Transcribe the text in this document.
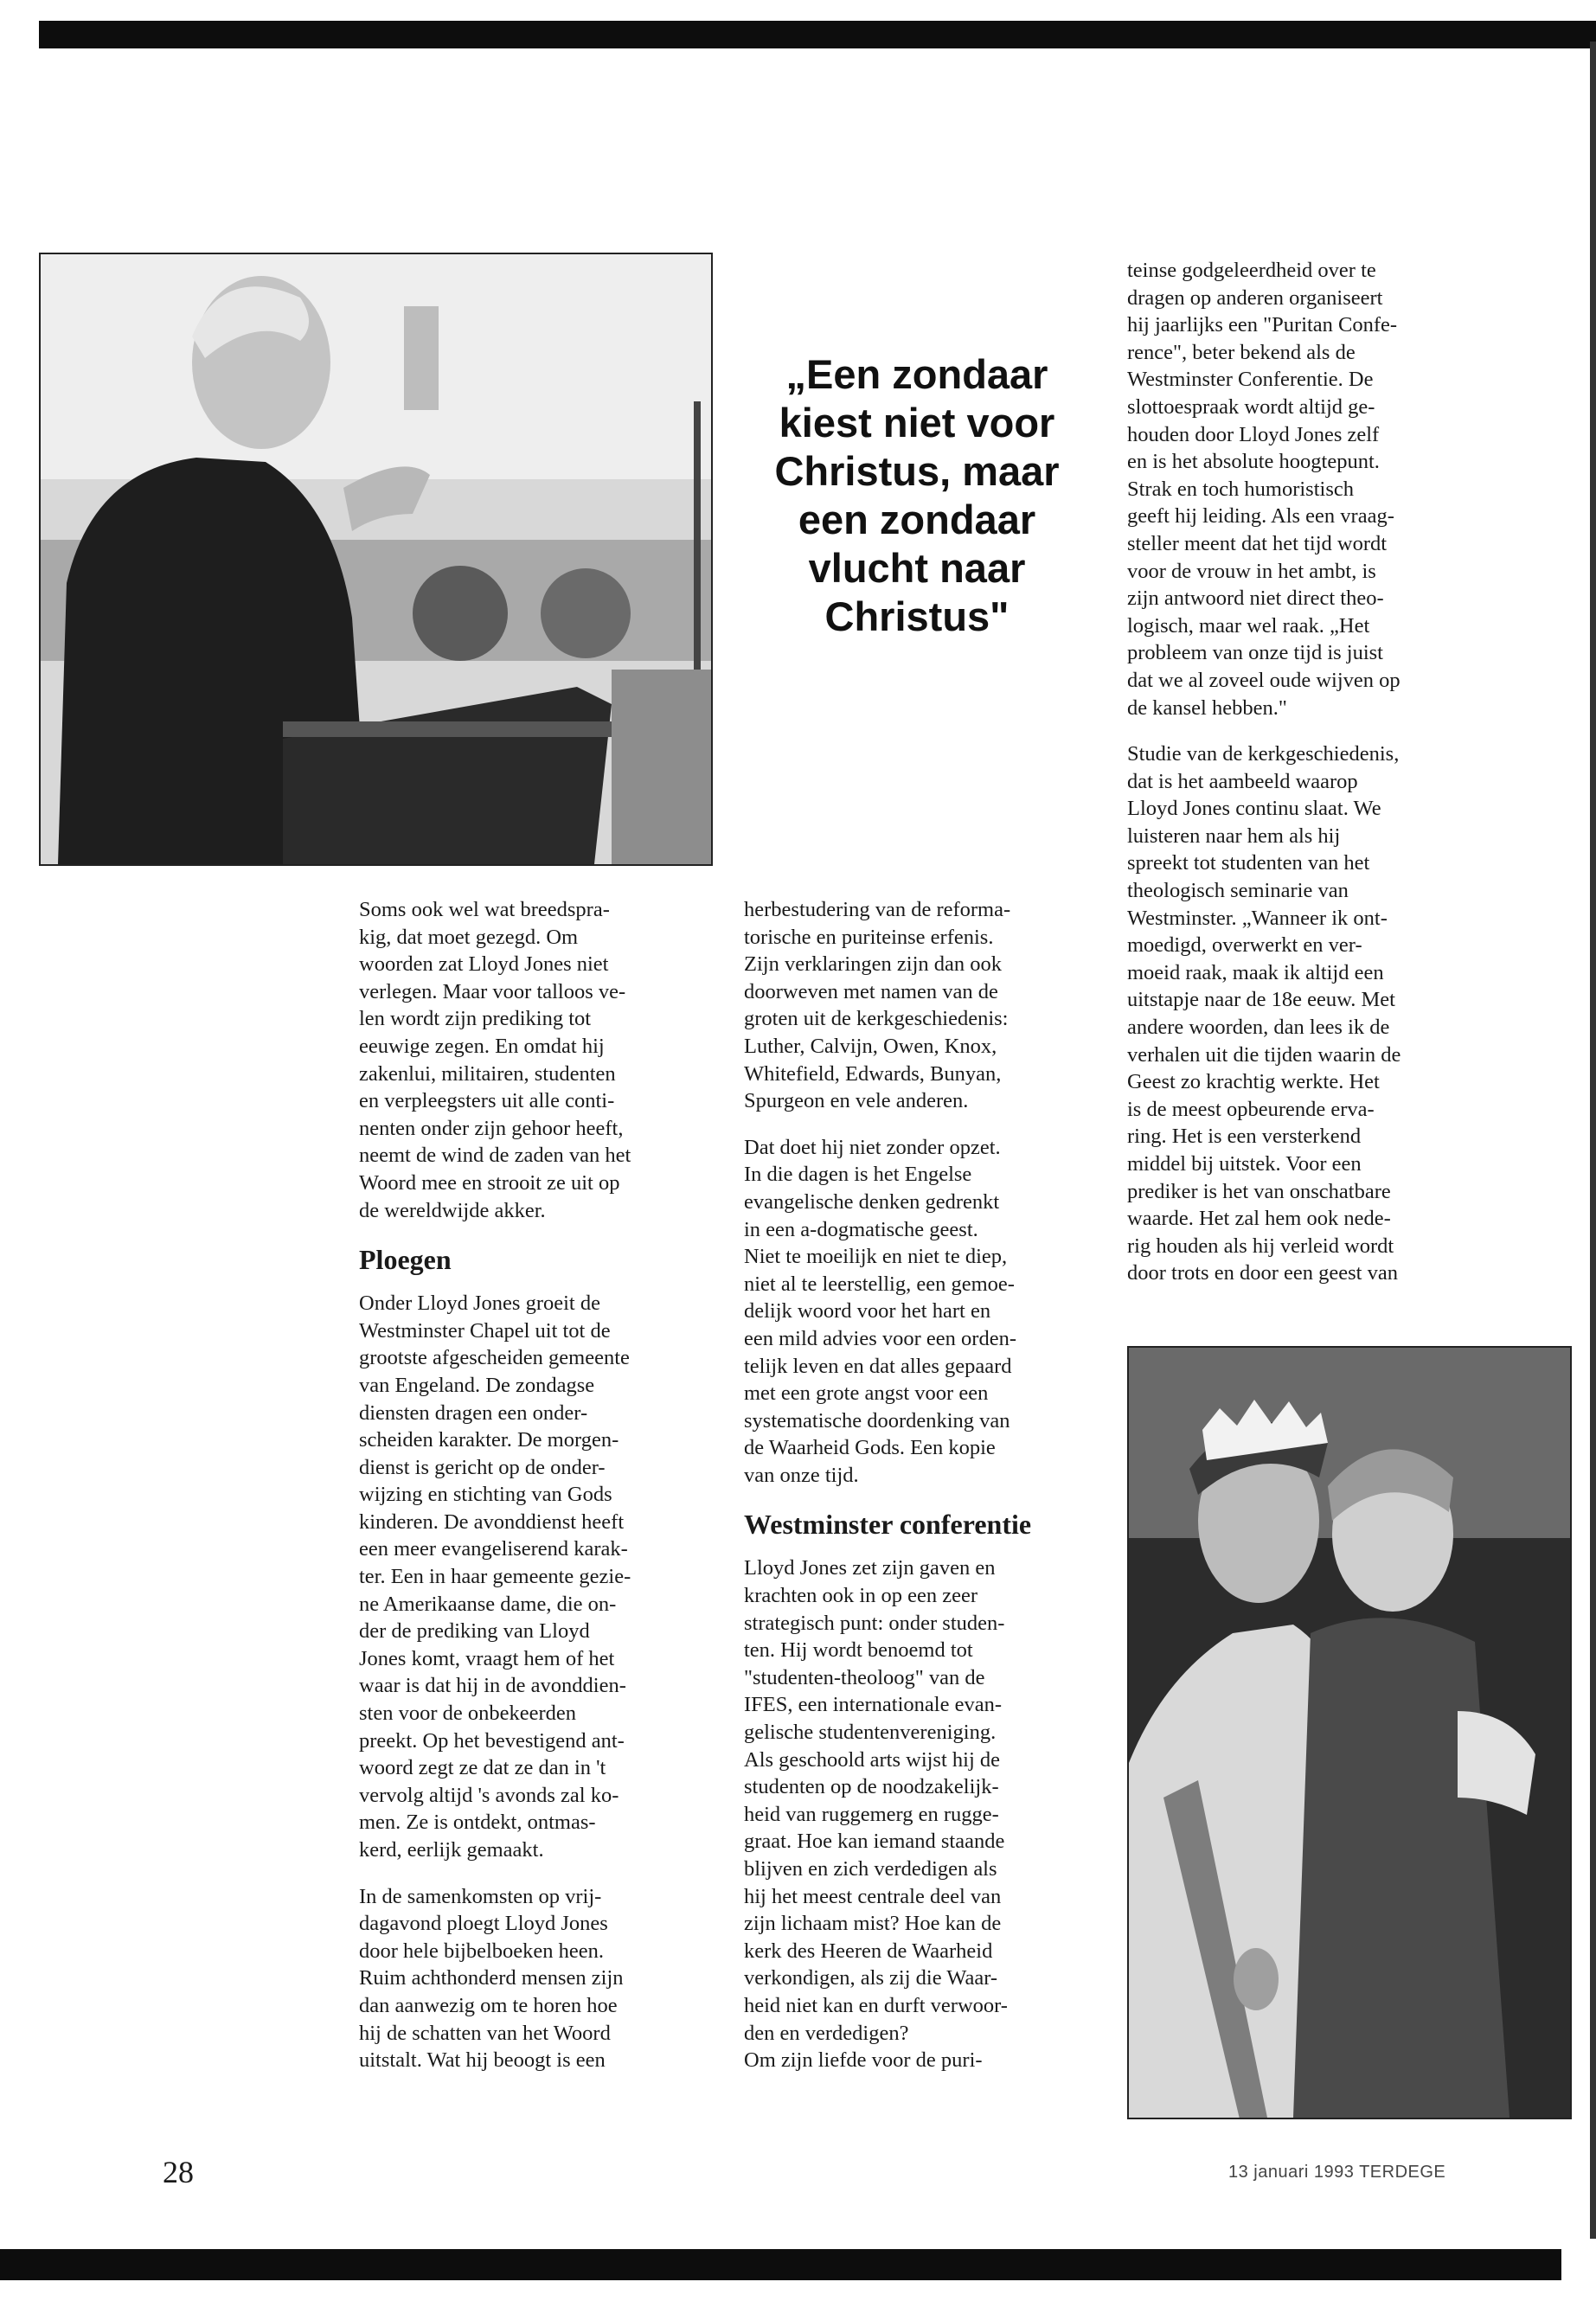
„Een zondaar
kiest niet voor
Christus, maar
een zondaar
vlucht naar
Christus"

Soms ook wel wat breedspra-
kig, dat moet gezegd. Om
woorden zat Lloyd Jones niet
verlegen. Maar voor talloos ve-
len wordt zijn prediking tot
eeuwige zegen. En omdat hij
zakenlui, militairen, studenten
en verpleegsters uit alle conti-
nenten onder zijn gehoor heeft,
neemt de wind de zaden van het
Woord mee en strooit ze uit op
de wereldwijde akker.

Ploegen

Onder Lloyd Jones groeit de
Westminster Chapel uit tot de
grootste afgescheiden gemeente
van Engeland. De zondagse
diensten dragen een onder-
scheiden karakter. De morgen-
dienst is gericht op de onder-
wijzing en stichting van Gods
kinderen. De avonddienst heeft
een meer evangeliserend karak-
ter. Een in haar gemeente gezie-
ne Amerikaanse dame, die on-
der de prediking van Lloyd
Jones komt, vraagt hem of het
waar is dat hij in de avonddien-
sten voor de onbekeerden
preekt. Op het bevestigend ant-
woord zegt ze dat ze dan in 't
vervolg altijd 's avonds zal ko-
men. Ze is ontdekt, ontmas-
kerd, eerlijk gemaakt.

In de samenkomsten op vrij-
dagavond ploegt Lloyd Jones
door hele bijbelboeken heen.
Ruim achthonderd mensen zijn
dan aanwezig om te horen hoe
hij de schatten van het Woord
uitstalt. Wat hij beoogt is een

herbestudering van de reforma-
torische en puriteinse erfenis.
Zijn verklaringen zijn dan ook
doorweven met namen van de
groten uit de kerkgeschiedenis:
Luther, Calvijn, Owen, Knox,
Whitefield, Edwards, Bunyan,
Spurgeon en vele anderen.

Dat doet hij niet zonder opzet.
In die dagen is het Engelse
evangelische denken gedrenkt
in een a-dogmatische geest.
Niet te moeilijk en niet te diep,
niet al te leerstellig, een gemoe-
delijk woord voor het hart en
een mild advies voor een orden-
telijk leven en dat alles gepaard
met een grote angst voor een
systematische doordenking van
de Waarheid Gods. Een kopie
van onze tijd.

Westminster conferentie

Lloyd Jones zet zijn gaven en
krachten ook in op een zeer
strategisch punt: onder studen-
ten. Hij wordt benoemd tot
"studenten-theoloog" van de
IFES, een internationale evan-
gelische studentenvereniging.
Als geschoold arts wijst hij de
studenten op de noodzakelijk-
heid van ruggemerg en rugge-
graat. Hoe kan iemand staande
blijven en zich verdedigen als
hij het meest centrale deel van
zijn lichaam mist? Hoe kan de
kerk des Heeren de Waarheid
verkondigen, als zij die Waar-
heid niet kan en durft verwoor-
den en verdedigen?
Om zijn liefde voor de puri-

teinse godgeleerdheid over te
dragen op anderen organiseert
hij jaarlijks een "Puritan Confe-
rence", beter bekend als de
Westminster Conferentie. De
slottoespraak wordt altijd ge-
houden door Lloyd Jones zelf
en is het absolute hoogtepunt.
Strak en toch humoristisch
geeft hij leiding. Als een vraag-
steller meent dat het tijd wordt
voor de vrouw in het ambt, is
zijn antwoord niet direct theo-
logisch, maar wel raak. „Het
probleem van onze tijd is juist
dat we al zoveel oude wijven op
de kansel hebben."

Studie van de kerkgeschiedenis,
dat is het aambeeld waarop
Lloyd Jones continu slaat. We
luisteren naar hem als hij
spreekt tot studenten van het
theologisch seminarie van
Westminster. „Wanneer ik ont-
moedigd, overwerkt en ver-
moeid raak, maak ik altijd een
uitstapje naar de 18e eeuw. Met
andere woorden, dan lees ik de
verhalen uit die tijden waarin de
Geest zo krachtig werkte. Het
is de meest opbeurende erva-
ring. Het is een versterkend
middel bij uitstek. Voor een
prediker is het van onschatbare
waarde. Het zal hem ook nede-
rig houden als hij verleid wordt
door trots en door een geest van

28	13 januari 1993 TERDEGE
